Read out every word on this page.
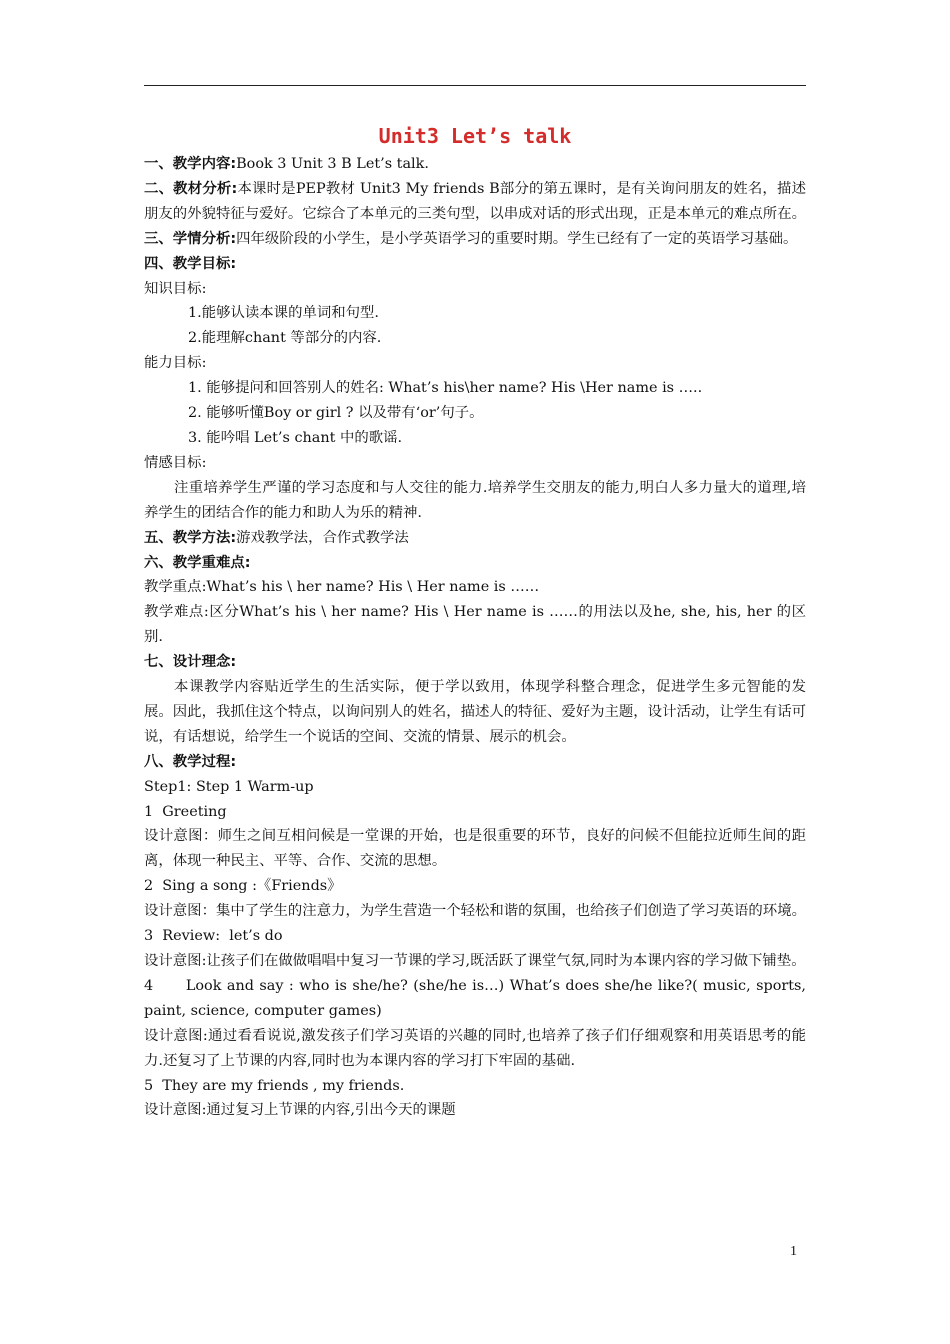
Unit3 Let’s talk
一、教学内容:Book 3 Unit 3 B Let’s talk.
二、教材分析:本课时是PEP教材 Unit3 My friends B部分的第五课时，是有关询问朋友的姓名，描述朋友的外貌特征与爱好。它综合了本单元的三类句型，以串成对话的形式出现，正是本单元的难点所在。
三、学情分析:四年级阶段的小学生，是小学英语学习的重要时期。学生已经有了一定的英语学习基础。
四、教学目标:
知识目标:
1.能够认读本课的单词和句型.
2.能理解chant 等部分的内容.
能力目标:
1. 能够提问和回答别人的姓名: What’s his\her name? His \Her name is …..
2. 能够听懂Boy or girl ? 以及带有‘or’句子。
3. 能吟唱 Let’s chant 中的歌谣.
情感目标:
注重培养学生严谨的学习态度和与人交往的能力.培养学生交朋友的能力,明白人多力量大的道理,培养学生的团结合作的能力和助人为乐的精神.
五、教学方法:游戏教学法，合作式教学法
六、教学重难点:
教学重点:What’s his \ her name? His \ Her name is ……
教学难点:区分What’s his \ her name? His \ Her name is ……的用法以及he, she, his, her 的区别.
七、设计理念:
本课教学内容贴近学生的生活实际，便于学以致用，体现学科整合理念，促进学生多元智能的发展。因此，我抓住这个特点，以询问别人的姓名，描述人的特征、爱好为主题，设计活动，让学生有话可说，有话想说，给学生一个说话的空间、交流的情景、展示的机会。
八、教学过程:
Step1: Step 1 Warm-up
1  Greeting
设计意图：师生之间互相问候是一堂课的开始，也是很重要的环节，良好的问候不但能拉近师生间的距离，体现一种民主、平等、合作、交流的思想。
2  Sing a song :《Friends》
设计意图：集中了学生的注意力，为学生营造一个轻松和谐的氛围，也给孩子们创造了学习英语的环境。
3  Review:  let’s do
设计意图:让孩子们在做做唱唱中复习一节课的学习,既活跃了课堂气氛,同时为本课内容的学习做下铺垫。
4      Look and say : who is she/he? (she/he is…) What’s does she/he like?( music, sports, paint, science, computer games)
设计意图:通过看看说说,激发孩子们学习英语的兴趣的同时,也培养了孩子们仔细观察和用英语思考的能力.还复习了上节课的内容,同时也为本课内容的学习打下牢固的基础.
5  They are my friends , my friends.
设计意图:通过复习上节课的内容,引出今天的课题
1
